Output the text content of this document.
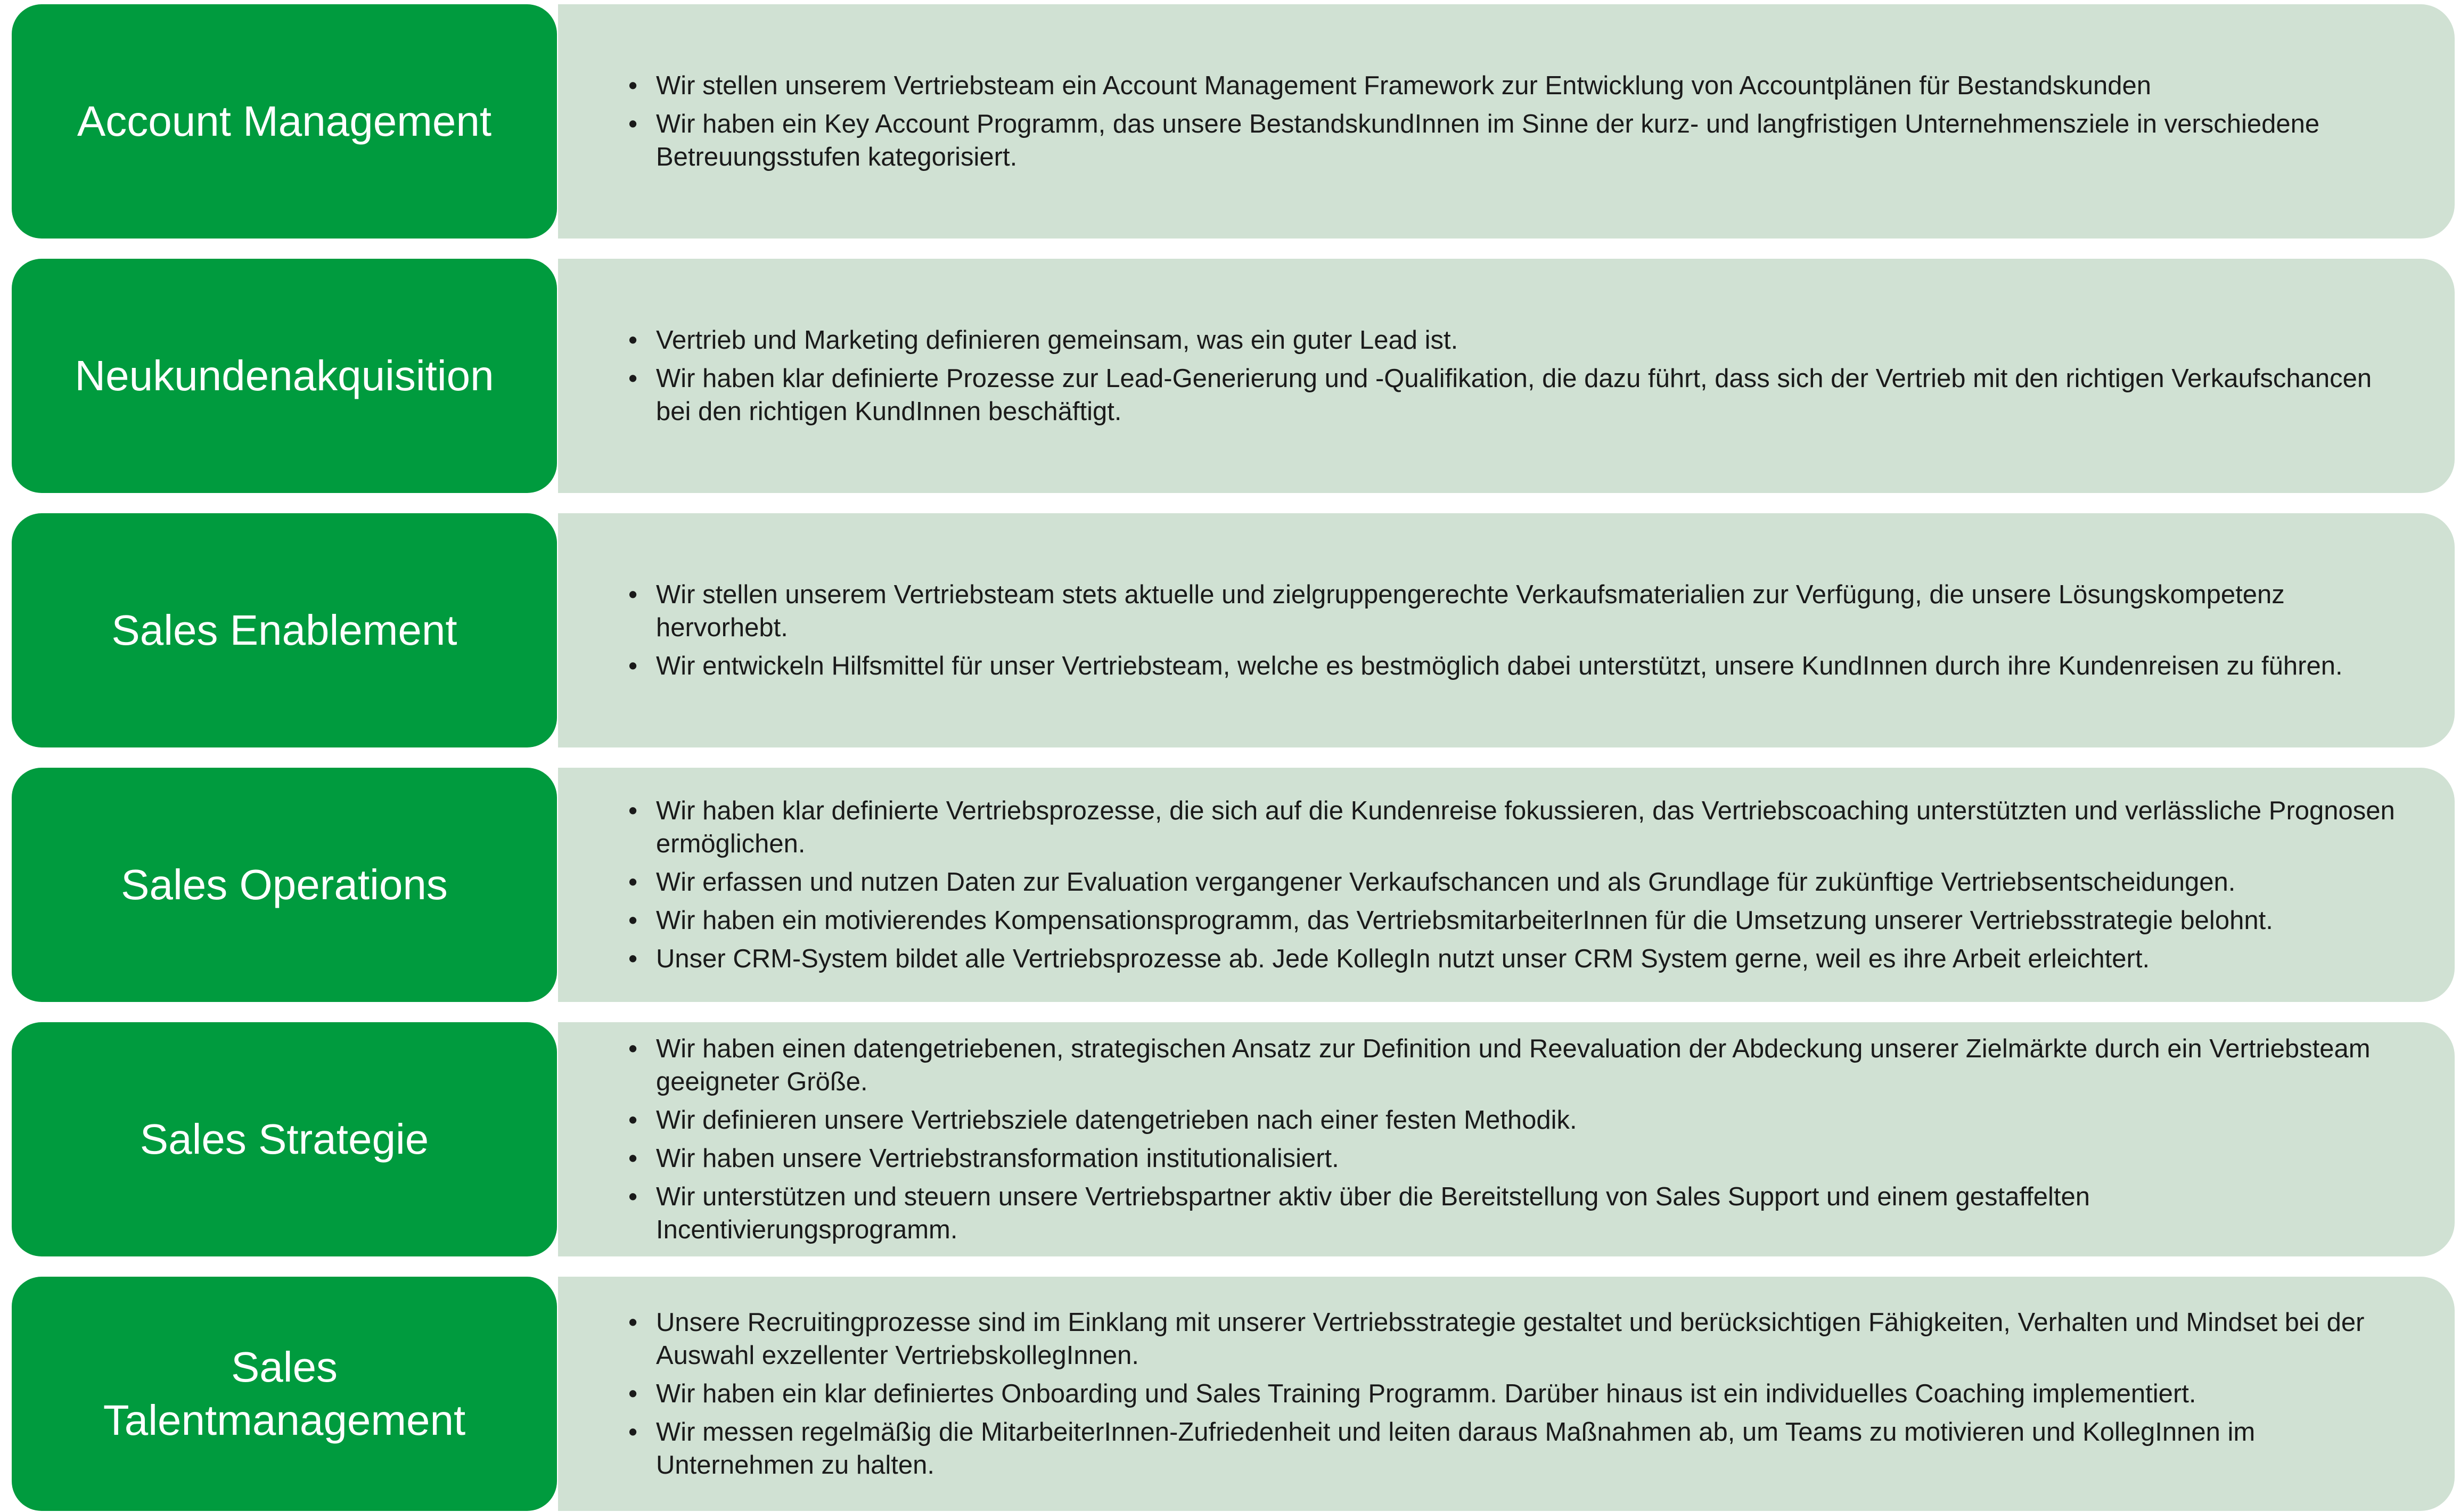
Account Management
• Wir stellen unserem Vertriebsteam ein Account Management Framework zur Entwicklung von Accountplänen für Bestandskunden
• Wir haben ein Key Account Programm, das unsere BestandskundInnen im Sinne der kurz- und langfristigen Unternehmensziele in verschiedene Betreuungsstufen kategorisiert.
Neukundenakquisition
• Vertrieb und Marketing definieren gemeinsam, was ein guter Lead ist.
• Wir haben klar definierte Prozesse zur Lead-Generierung und -Qualifikation, die dazu führt, dass sich der Vertrieb mit den richtigen Verkaufschancen bei den richtigen KundInnen beschäftigt.
Sales Enablement
• Wir stellen unserem Vertriebsteam stets aktuelle und zielgruppengerechte Verkaufsmaterialien zur Verfügung, die unsere Lösungskompetenz hervorhebt.
• Wir entwickeln Hilfsmittel für unser Vertriebsteam, welche es bestmöglich dabei unterstützt, unsere KundInnen durch ihre Kundenreisen zu führen.
Sales Operations
• Wir haben klar definierte Vertriebsprozesse, die sich auf die Kundenreise fokussieren, das Vertriebscoaching unterstützten und verlässliche Prognosen ermöglichen.
• Wir erfassen und nutzen Daten zur Evaluation vergangener Verkaufschancen und als Grundlage für zukünftige Vertriebsentscheidungen.
• Wir haben ein motivierendes Kompensationsprogramm, das VertriebsmitarbeiterInnen für die Umsetzung unserer Vertriebsstrategie belohnt.
• Unser CRM-System bildet alle Vertriebsprozesse ab. Jede KollegIn nutzt unser CRM System gerne, weil es ihre Arbeit erleichtert.
Sales Strategie
• Wir haben einen datengetriebenen, strategischen Ansatz zur Definition und Reevaluation der Abdeckung unserer Zielmärkte durch ein Vertriebsteam geeigneter Größe.
• Wir definieren unsere Vertriebsziele datengetrieben nach einer festen Methodik.
• Wir haben unsere Vertriebstransformation institutionalisiert.
• Wir unterstützen und steuern unsere Vertriebspartner aktiv über die Bereitstellung von Sales Support und einem gestaffelten Incentivierungsprogramm.
Sales
Talentmanagement
• Unsere Recruitingprozesse sind im Einklang mit unserer Vertriebsstrategie gestaltet und berücksichtigen Fähigkeiten, Verhalten und Mindset bei der Auswahl exzellenter VertriebskollegInnen.
• Wir haben ein klar definiertes Onboarding und Sales Training Programm. Darüber hinaus ist ein individuelles Coaching implementiert.
• Wir messen regelmäßig die MitarbeiterInnen-Zufriedenheit und leiten daraus Maßnahmen ab, um Teams zu motivieren und KollegInnen im Unternehmen zu halten.
